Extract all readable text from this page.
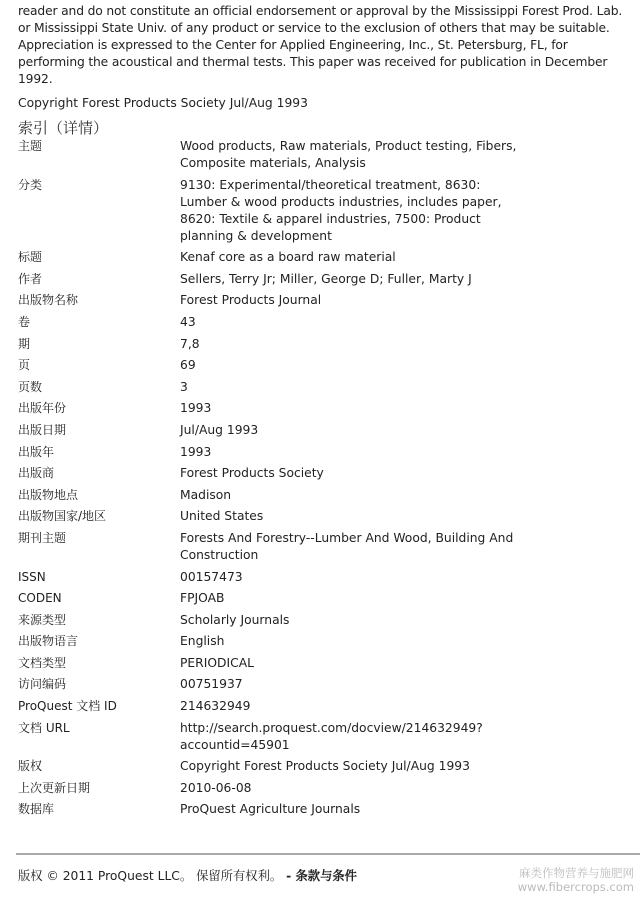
reader and do not constitute an official endorsement or approval by the Mississippi Forest Prod. Lab. or Mississippi State Univ. of any product or service to the exclusion of others that may be suitable. Appreciation is expressed to the Center for Applied Engineering, Inc., St. Petersburg, FL, for performing the acoustical and thermal tests. This paper was received for publication in December 1992.
Copyright Forest Products Society Jul/Aug 1993
索引（详情）
主题	Wood products, Raw materials, Product testing, Fibers, Composite materials, Analysis
分类	9130: Experimental/theoretical treatment, 8630: Lumber & wood products industries, includes paper, 8620: Textile & apparel industries, 7500: Product planning & development
标题	Kenaf core as a board raw material
作者	Sellers, Terry Jr; Miller, George D; Fuller, Marty J
出版物名称	Forest Products Journal
卷	43
期	7,8
页	69
页数	3
出版年份	1993
出版日期	Jul/Aug 1993
出版年	1993
出版商	Forest Products Society
出版物地点	Madison
出版物国家/地区	United States
期刊主题	Forests And Forestry--Lumber And Wood, Building And Construction
ISSN	00157473
CODEN	FPJOAB
来源类型	Scholarly Journals
出版物语言	English
文档类型	PERIODICAL
访问编码	00751937
ProQuest 文档 ID	214632949
文档 URL	http://search.proquest.com/docview/214632949?accountid=45901
版权	Copyright Forest Products Society Jul/Aug 1993
上次更新日期	2010-06-08
数据库	ProQuest Agriculture Journals
版权 © 2011 ProQuest LLC。 保留所有权利。 - 条款与条件	麻类作物营养与施肥网
www.fibercrops.com
